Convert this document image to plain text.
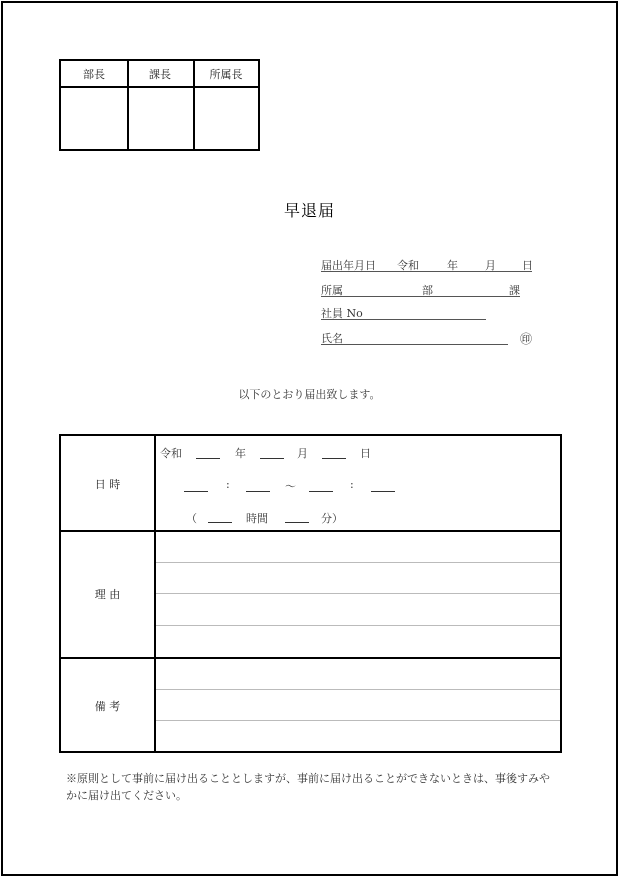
部長	課長	所属長
早退届
届出年月日 令和	年 月 日
所属	部	課
社員 No
氏名	㊞
以下のとおり届出致します。
日 時
令和	年	月	日
:	～	:
（	時間	分）
理 由
備 考
※原則として事前に届け出ることとしますが、事前に届け出ることができないときは、事後すみやかに届け出てください。
